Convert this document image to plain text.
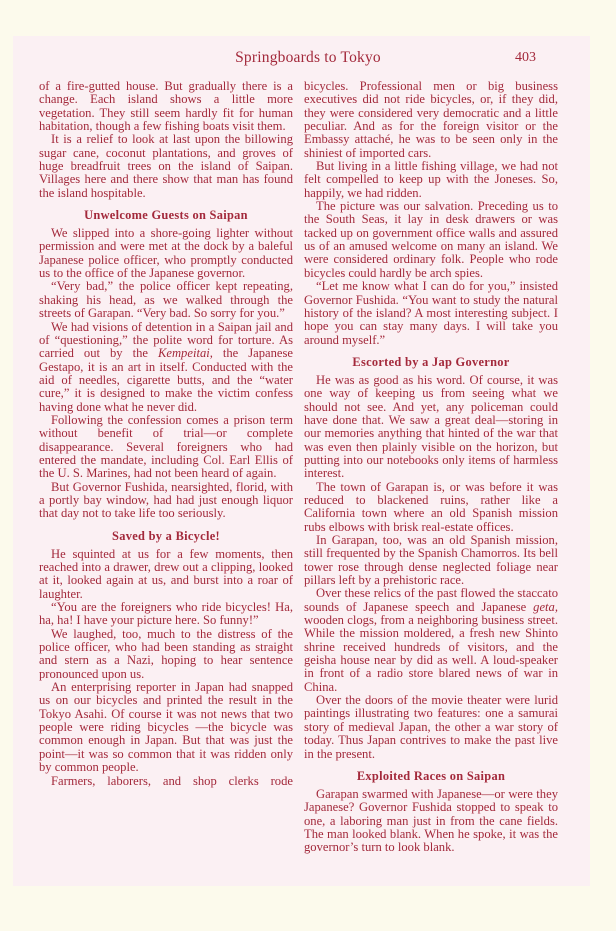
Springboards to Tokyo	403

of a fire-gutted house. But gradually there is a change. Each island shows a little more vegetation. They still seem hardly fit for human habitation, though a few fishing boats visit them.

It is a relief to look at last upon the billowing sugar cane, coconut plantations, and groves of huge breadfruit trees on the island of Saipan. Villages here and there show that man has found the island hospitable.

Unwelcome Guests on Saipan

We slipped into a shore-going lighter without permission and were met at the dock by a baleful Japanese police officer, who promptly conducted us to the office of the Japanese governor.

“Very bad,” the police officer kept repeating, shaking his head, as we walked through the streets of Garapan. “Very bad. So sorry for you.”

We had visions of detention in a Saipan jail and of “questioning,” the polite word for torture. As carried out by the Kempeitai, the Japanese Gestapo, it is an art in itself. Conducted with the aid of needles, cigarette butts, and the “water cure,” it is designed to make the victim confess having done what he never did.

Following the confession comes a prison term without benefit of trial—or complete disappearance. Several foreigners who had entered the mandate, including Col. Earl Ellis of the U. S. Marines, had not been heard of again.

But Governor Fushida, nearsighted, florid, with a portly bay window, had had just enough liquor that day not to take life too seriously.

Saved by a Bicycle!

He squinted at us for a few moments, then reached into a drawer, drew out a clipping, looked at it, looked again at us, and burst into a roar of laughter.

“You are the foreigners who ride bicycles! Ha, ha, ha! I have your picture here. So funny!”

We laughed, too, much to the distress of the police officer, who had been standing as straight and stern as a Nazi, hoping to hear sentence pronounced upon us.

An enterprising reporter in Japan had snapped us on our bicycles and printed the result in the Tokyo Asahi. Of course it was not news that two people were riding bicycles —the bicycle was common enough in Japan. But that was just the point—it was so common that it was ridden only by common people.

Farmers, laborers, and shop clerks rode

bicycles. Professional men or big business executives did not ride bicycles, or, if they did, they were considered very democratic and a little peculiar. And as for the foreign visitor or the Embassy attaché, he was to be seen only in the shiniest of imported cars.

But living in a little fishing village, we had not felt compelled to keep up with the Joneses. So, happily, we had ridden.

The picture was our salvation. Preceding us to the South Seas, it lay in desk drawers or was tacked up on government office walls and assured us of an amused welcome on many an island. We were considered ordinary folk. People who rode bicycles could hardly be arch spies.

“Let me know what I can do for you,” insisted Governor Fushida. “You want to study the natural history of the island? A most interesting subject. I hope you can stay many days. I will take you around myself.”

Escorted by a Jap Governor

He was as good as his word. Of course, it was one way of keeping us from seeing what we should not see. And yet, any policeman could have done that. We saw a great deal—storing in our memories anything that hinted of the war that was even then plainly visible on the horizon, but putting into our notebooks only items of harmless interest.

The town of Garapan is, or was before it was reduced to blackened ruins, rather like a California town where an old Spanish mission rubs elbows with brisk real-estate offices.

In Garapan, too, was an old Spanish mission, still frequented by the Spanish Chamorros. Its bell tower rose through dense neglected foliage near pillars left by a prehistoric race.

Over these relics of the past flowed the staccato sounds of Japanese speech and Japanese geta, wooden clogs, from a neighboring business street. While the mission moldered, a fresh new Shinto shrine received hundreds of visitors, and the geisha house near by did as well. A loud-speaker in front of a radio store blared news of war in China.

Over the doors of the movie theater were lurid paintings illustrating two features: one a samurai story of medieval Japan, the other a war story of today. Thus Japan contrives to make the past live in the present.

Exploited Races on Saipan

Garapan swarmed with Japanese—or were they Japanese? Governor Fushida stopped to speak to one, a laboring man just in from the cane fields. The man looked blank. When he spoke, it was the governor’s turn to look blank.
